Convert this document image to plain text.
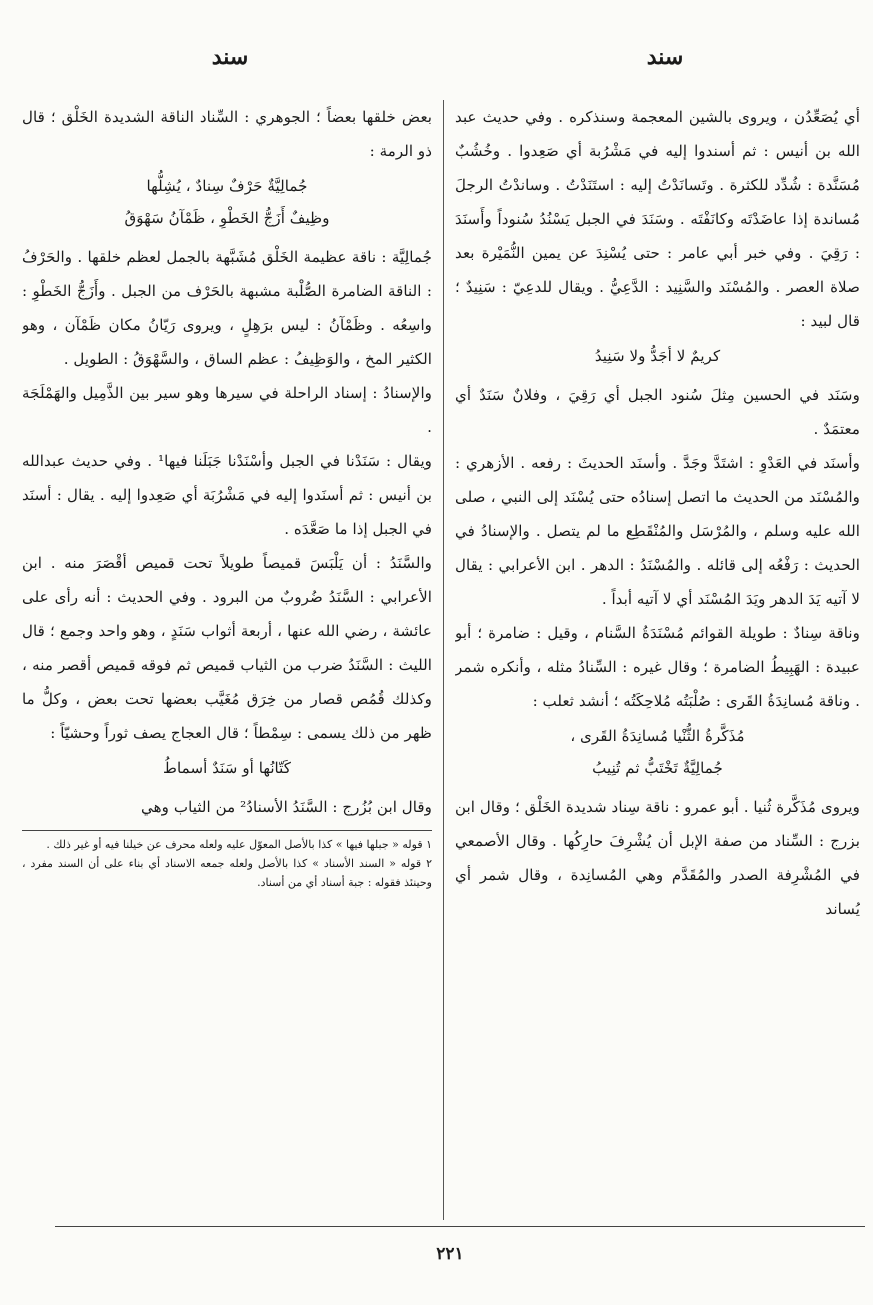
سند
سند

أي يُصَعِّدُن ، ويروى بالشين المعجمة وسنذكره . وفي حديث عبد الله بن أنيس : ثم أسندوا إليه في مَشْرُبة أي صَعِدوا . وخُشُبٌ مُسَنَّدة : شُدِّد للكثرة . وتَسانَدْتُ إليه : استَنَدْتُ . وساندْتُ الرجلَ مُساندة إذا عاضَدْتَه وكانَفْتَه . وسَنَدَ في الجبل يَسْنُدُ سُنوداً وأَسنَدَ : رَقِيَ . وفي خبر أبي عامر : حتى يُسْنِدَ عن يمين النُّمَيْرة بعد صلاة العصر . والمُسْنَد والسَّنِيد : الدَّعِيُّ . ويقال للدعِيّ : سَنِيدٌ ؛ قال لبيد :

كريمٌ لا أجَدُّ ولا سَنِيدُ

وسَنَد في الحسين مِثلَ سُنود الجبل أي رَقِيَ ، وفلانٌ سَنَدٌ أي معتمَدٌ .

وأسنَد في العَدْوِ : اشتَدَّ وجَدَّ . وأسنَد الحديثَ : رفعه . الأزهري : والمُسْنَد من الحديث ما اتصل إسنادُه حتى يُسْنَد إلى النبي ، صلى الله عليه وسلم ، والمُرْسَل والمُنْقَطِع ما لم يتصل . والإسنادُ في الحديث : رَفْعُه إلى قائله . والمُسْنَدُ : الدهر . ابن الأعرابي : يقال لا آتيه يَدَ الدهر ويَدَ المُسْنَد أي لا آتيه أبداً .

وناقة سِنادٌ : طويلة القوائم مُسْنَدَةُ السَّنام ، وقيل : ضامرة ؛ أبو عبيدة : الهَبِيطُ الضامرة ؛ وقال غيره : السِّنادُ مثله ، وأنكره شمر . وناقة مُسانِدَةُ القَرى : صُلْبَتُه مُلاحِكَتُه ؛ أنشد ثعلب :

مُذَكَّرةُ الثُّنْيا مُسانِدَةُ القَرى ،
جُمالِيَّةٌ تَخْتَبُّ ثم تُنِيبُ

ويروى مُذَكَّرة ثُنيا . أبو عمرو : ناقة سِناد شديدة الخَلْق ؛ وقال ابن بزرج : السِّناد من صفة الإبل أن يُشْرِفَ حارِكُها . وقال الأصمعي في المُشْرِفة الصدر والمُقَدَّم وهي المُسانِدة ، وقال شمر أي يُساند

بعض خلقها بعضاً ؛ الجوهري : السِّناد الناقة الشديدة الخَلْق ؛ قال ذو الرمة :

جُمالِيَّةٌ حَرْفٌ سِنادٌ ، يُشِلُّها
وظِيفٌ أَزَجُّ الخَطْوِ ، ظَمْآنُ سَهْوَقُ

جُمالِيَّة : ناقة عظيمة الخَلْق مُشَبَّهة بالجمل لعظم خلقها . والحَرْفُ : الناقة الضامرة الصُّلْبة مشبهة بالحَرْف من الجبل . وأَزَجُّ الخَطْوِ : واسِعُه . وظَمْآنُ : ليس برَهِلٍ ، ويروى رَيّانُ مكان ظَمْآن ، وهو الكثير المخ ، والوَظِيفُ : عظم الساق ، والسَّهْوَقُ : الطويل .

والإسنادُ : إسناد الراحلة في سيرها وهو سير بين الذَّمِيل والهَمْلَجَة .

ويقال : سَنَدْنا في الجبل وأسْنَدْنا جَبَلَنا فيها¹ . وفي حديث عبدالله بن أنيس : ثم أسنَدوا إليه في مَشْرُبَة أي صَعِدوا إليه . يقال : أسنَد في الجبل إذا ما صَعَّدَه .

والسَّنَدُ : أن يَلْبَسَ قميصاً طويلاً تحت قميص أقْصَرَ منه . ابن الأعرابي : السَّنَدُ ضُروبٌ من البرود . وفي الحديث : أنه رأى على عائشة ، رضي الله عنها ، أربعة أثواب سَنَدٍ ، وهو واحد وجمع ؛ قال الليث : السَّنَدُ ضرب من الثياب قميص ثم فوقه قميص أقصر منه ، وكذلك قُمُص قصار من خِرَق مُغَيَّب بعضها تحت بعض ، وكلُّ ما ظهر من ذلك يسمى : سِمْطاً ؛ قال العجاج يصف ثوراً وحشيّاً :

كَتّانُها أو سَنَدٌ أسماطُ

وقال ابن بُزُرج : السَّنَدُ الأسنادُ² من الثياب وهي

١ قوله « جبلها فيها » كذا بالأصل المعوّل عليه ولعله محرف عن خيلنا فيه أو غير ذلك .

٢ قوله « السند الأسناد » كذا بالأصل ولعله جمعه الاسناد أي بناء على أن السند مفرد ، وحينئذ فقوله : جبة أسناد أي من أسناد.

٢٢١
